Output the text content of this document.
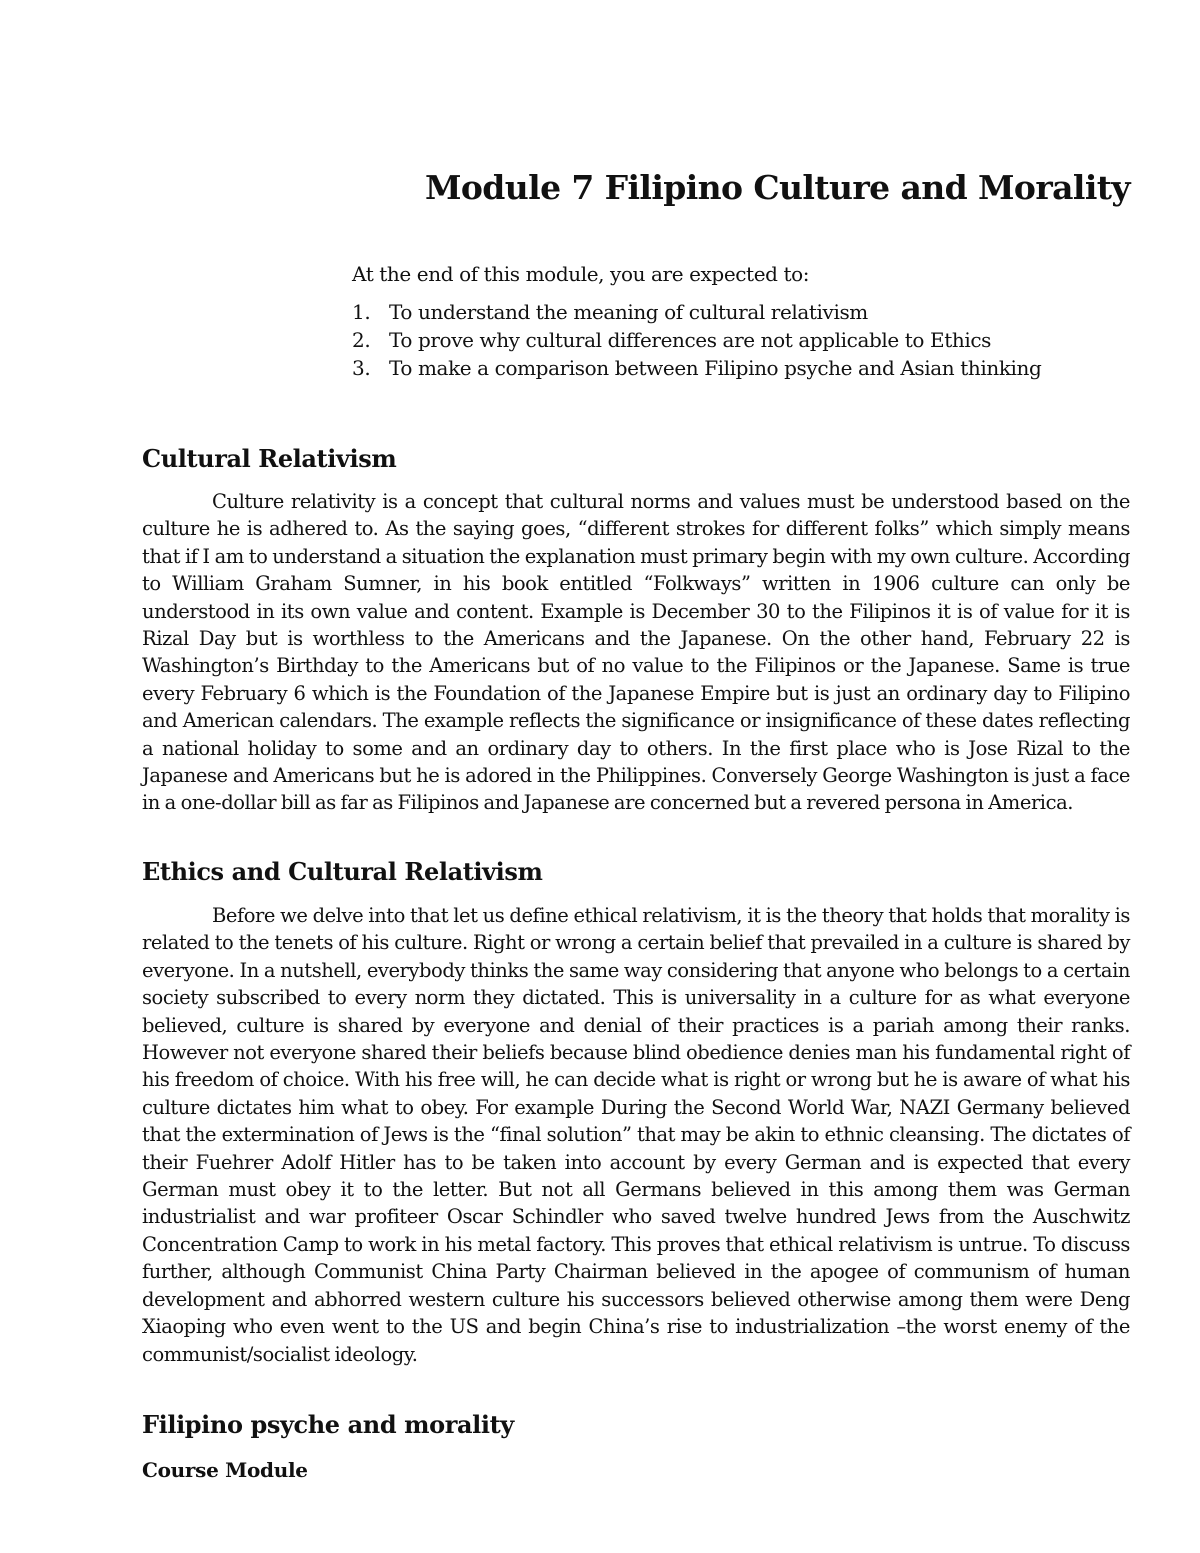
Module 7 Filipino Culture and Morality

At the end of this module, you are expected to:

1. To understand the meaning of cultural relativism
2. To prove why cultural differences are not applicable to Ethics
3. To make a comparison between Filipino psyche and Asian thinking
Cultural Relativism

Culture relativity is a concept that cultural norms and values must be understood based on the culture he is adhered to. As the saying goes, “different strokes for different folks” which simply means that if I am to understand a situation the explanation must primary begin with my own culture. According to William Graham Sumner, in his book entitled “Folkways” written in 1906 culture can only be understood in its own value and content. Example is December 30 to the Filipinos it is of value for it is Rizal Day but is worthless to the Americans and the Japanese. On the other hand, February 22 is Washington’s Birthday to the Americans but of no value to the Filipinos or the Japanese. Same is true every February 6 which is the Foundation of the Japanese Empire but is just an ordinary day to Filipino and American calendars. The example reflects the significance or insignificance of these dates reflecting a national holiday to some and an ordinary day to others. In the first place who is Jose Rizal to the Japanese and Americans but he is adored in the Philippines. Conversely George Washington is just a face in a one-dollar bill as far as Filipinos and Japanese are concerned but a revered persona in America.

Ethics and Cultural Relativism

Before we delve into that let us define ethical relativism, it is the theory that holds that morality is related to the tenets of his culture. Right or wrong a certain belief that prevailed in a culture is shared by everyone. In a nutshell, everybody thinks the same way considering that anyone who belongs to a certain society subscribed to every norm they dictated. This is universality in a culture for as what everyone believed, culture is shared by everyone and denial of their practices is a pariah among their ranks. However not everyone shared their beliefs because blind obedience denies man his fundamental right of his freedom of choice. With his free will, he can decide what is right or wrong but he is aware of what his culture dictates him what to obey. For example During the Second World War, NAZI Germany believed that the extermination of Jews is the “final solution” that may be akin to ethnic cleansing. The dictates of their Fuehrer Adolf Hitler has to be taken into account by every German and is expected that every German must obey it to the letter. But not all Germans believed in this among them was German industrialist and war profiteer Oscar Schindler who saved twelve hundred Jews from the Auschwitz Concentration Camp to work in his metal factory. This proves that ethical relativism is untrue. To discuss further, although Communist China Party Chairman believed in the apogee of communism of human development and abhorred western culture his successors believed otherwise among them were Deng Xiaoping who even went to the US and begin China’s rise to industrialization –the worst enemy of the communist/socialist ideology.

Filipino psyche and morality
Course Module
